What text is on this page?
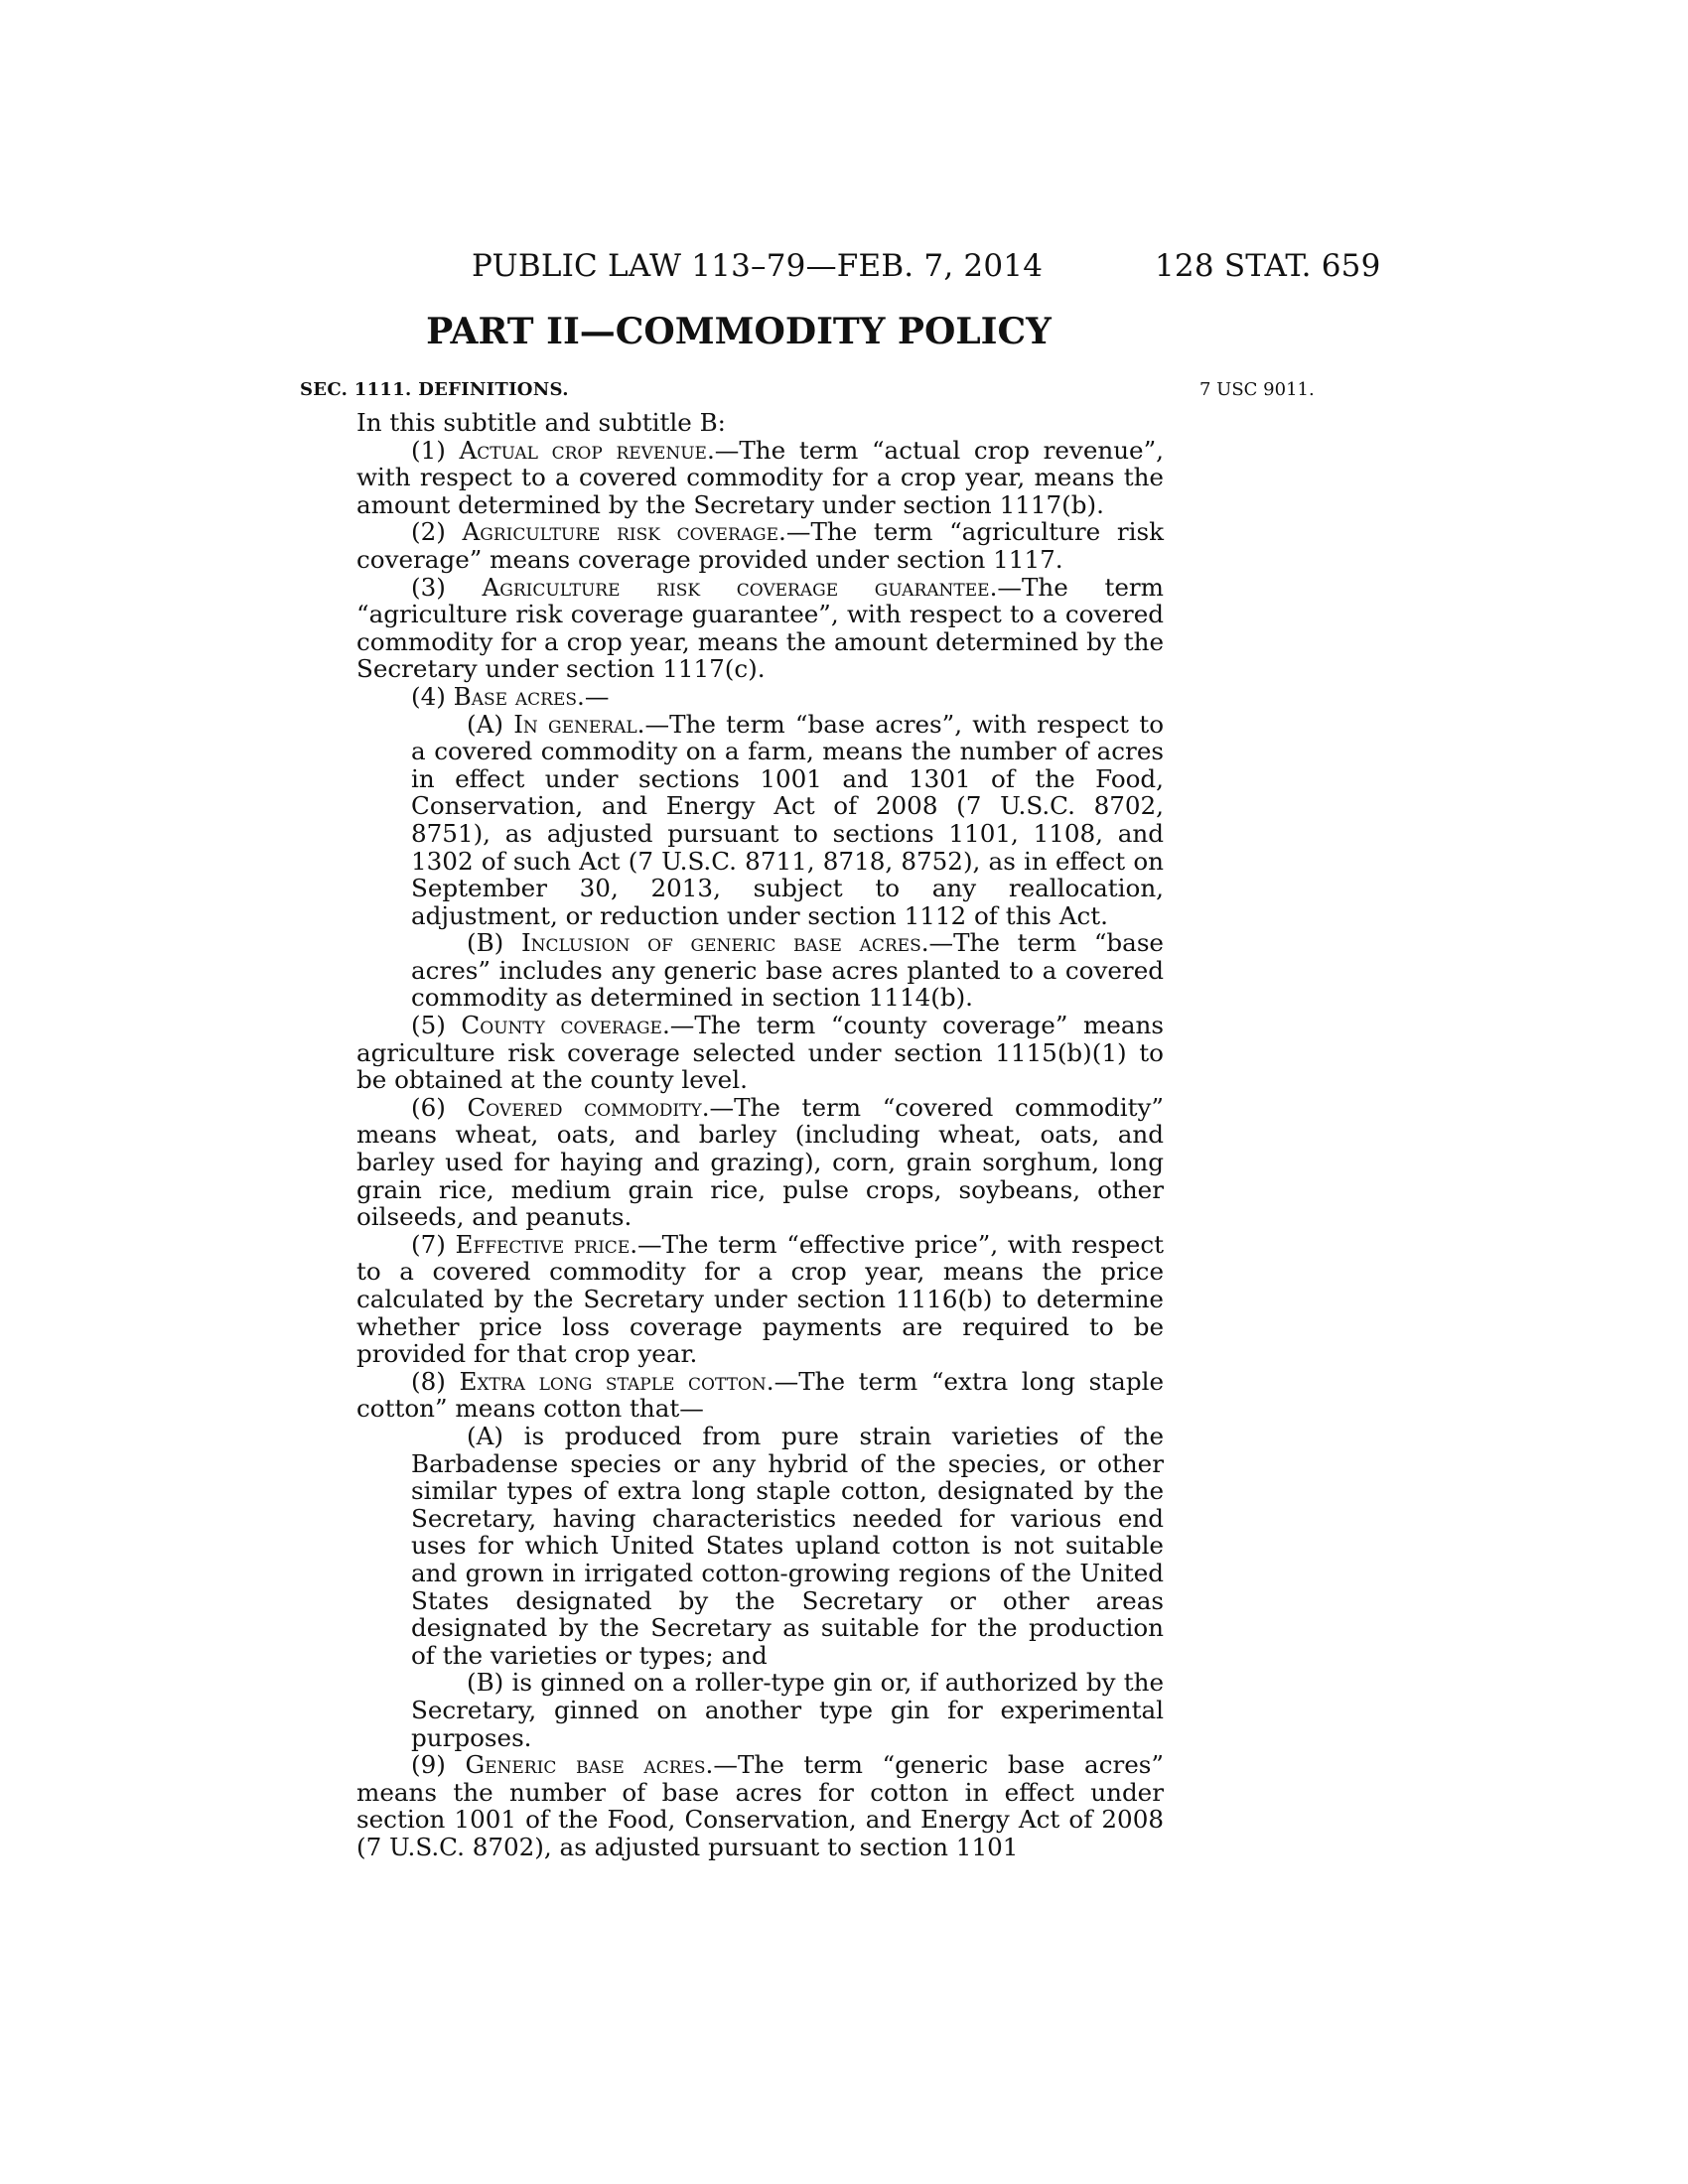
PUBLIC LAW 113–79—FEB. 7, 2014	128 STAT. 659
PART II—COMMODITY POLICY
SEC. 1111. DEFINITIONS.	7 USC 9011.

In this subtitle and subtitle B:

(1) Actual crop revenue.—The term “actual crop revenue”, with respect to a covered commodity for a crop year, means the amount determined by the Secretary under section 1117(b).

(2) Agriculture risk coverage.—The term “agriculture risk coverage” means coverage provided under section 1117.

(3) Agriculture risk coverage guarantee.—The term “agriculture risk coverage guarantee”, with respect to a covered commodity for a crop year, means the amount determined by the Secretary under section 1117(c).

(4) Base acres.—

(A) In general.—The term “base acres”, with respect to a covered commodity on a farm, means the number of acres in effect under sections 1001 and 1301 of the Food, Conservation, and Energy Act of 2008 (7 U.S.C. 8702, 8751), as adjusted pursuant to sections 1101, 1108, and 1302 of such Act (7 U.S.C. 8711, 8718, 8752), as in effect on September 30, 2013, subject to any reallocation, adjustment, or reduction under section 1112 of this Act.

(B) Inclusion of generic base acres.—The term “base acres” includes any generic base acres planted to a covered commodity as determined in section 1114(b).

(5) County coverage.—The term “county coverage” means agriculture risk coverage selected under section 1115(b)(1) to be obtained at the county level.

(6) Covered commodity.—The term “covered commodity” means wheat, oats, and barley (including wheat, oats, and barley used for haying and grazing), corn, grain sorghum, long grain rice, medium grain rice, pulse crops, soybeans, other oilseeds, and peanuts.

(7) Effective price.—The term “effective price”, with respect to a covered commodity for a crop year, means the price calculated by the Secretary under section 1116(b) to determine whether price loss coverage payments are required to be provided for that crop year.

(8) Extra long staple cotton.—The term “extra long staple cotton” means cotton that—

(A) is produced from pure strain varieties of the Barbadense species or any hybrid of the species, or other similar types of extra long staple cotton, designated by the Secretary, having characteristics needed for various end uses for which United States upland cotton is not suitable and grown in irrigated cotton-growing regions of the United States designated by the Secretary or other areas designated by the Secretary as suitable for the production of the varieties or types; and

(B) is ginned on a roller-type gin or, if authorized by the Secretary, ginned on another type gin for experimental purposes.

(9) Generic base acres.—The term “generic base acres” means the number of base acres for cotton in effect under section 1001 of the Food, Conservation, and Energy Act of 2008 (7 U.S.C. 8702), as adjusted pursuant to section 1101
